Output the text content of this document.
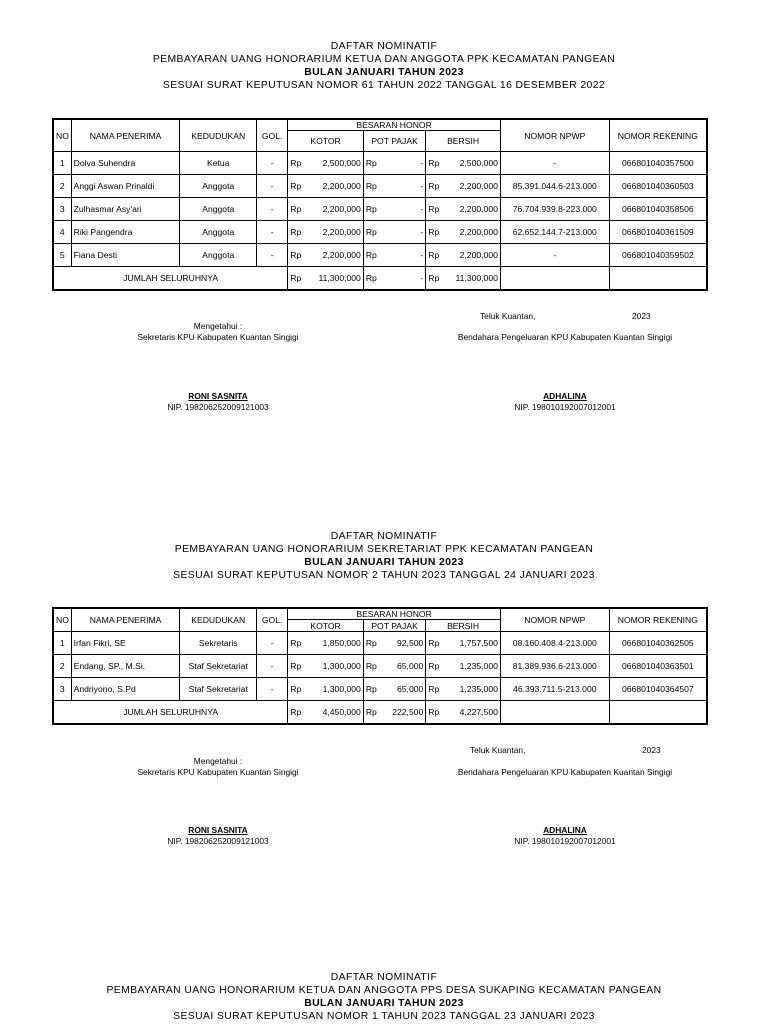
DAFTAR NOMINATIF
PEMBAYARAN UANG HONORARIUM KETUA DAN ANGGOTA PPK KECAMATAN PANGEAN
BULAN JANUARI TAHUN 2023
SESUAI SURAT KEPUTUSAN NOMOR 61 TAHUN 2022 TANGGAL 16 DESEMBER 2022
NO	NAMA PENERIMA	KEDUDUKAN	GOL.	BESARAN HONOR			NOMOR NPWP	NOMOR REKENING
				KOTOR	POT PAJAK	BERSIH		
1	Dolva Suhendra	Ketua	-	Rp 2,500,000	Rp -	Rp 2,500,000	-	066801040357500
2	Anggi Aswan Prinaldi	Anggota	-	Rp 2,200,000	Rp -	Rp 2,200,000	85.391.044.6-213.000	066801040360503
3	Zulhasmar Asy'ari	Anggota	-	Rp 2,200,000	Rp -	Rp 2,200,000	76.704.939.8-223.000	066801040358506
4	Riki Pangendra	Anggota	-	Rp 2,200,000	Rp -	Rp 2,200,000	62.652.144.7-213.000	066801040361509
5	Fiana Desti	Anggota	-	Rp 2,200,000	Rp -	Rp 2,200,000	-	066801040359502
JUMLAH SELURUHNYA				Rp 11,300,000	Rp -	Rp 11,300,000		

Teluk Kuantan,	2023
Mengetahui :
Sekretaris KPU Kabupaten Kuantan Singigi	Bendahara Pengeluaran KPU Kabupaten Kuantan Singigi
RONI SASNITA
NIP. 198206252009121003
ADHALINA
NIP. 198010192007012001
DAFTAR NOMINATIF
PEMBAYARAN UANG HONORARIUM SEKRETARIAT PPK KECAMATAN PANGEAN
BULAN JANUARI TAHUN 2023
SESUAI SURAT KEPUTUSAN NOMOR 2 TAHUN 2023 TANGGAL 24 JANUARI 2023
NO	NAMA PENERIMA	KEDUDUKAN	GOL.	BESARAN HONOR			NOMOR NPWP	NOMOR REKENING
				KOTOR	POT PAJAK	BERSIH		
1	Irfan Fikri, SE	Sekretaris	-	Rp 1,850,000	Rp 92,500	Rp 1,757,500	08.160.408.4-213.000	066801040362505
2	Endang, SP., M.Si.	Staf Sekretariat	-	Rp 1,300,000	Rp 65,000	Rp 1,235,000	81.389.936.6-213.000	066801040363501
3	Andriyono, S.Pd	Staf Sekretariat	-	Rp 1,300,000	Rp 65,000	Rp 1,235,000	46.393.711.5-213.000	066801040364507
JUMLAH SELURUHNYA				Rp 4,450,000	Rp 222,500	Rp 4,227,500		

Teluk Kuantan,	2023
Mengetahui :
Sekretaris KPU Kabupaten Kuantan Singigi	Bendahara Pengeluaran KPU Kabupaten Kuantan Singigi
RONI SASNITA
NIP. 198206252009121003
ADHALINA
NIP. 198010192007012001
DAFTAR NOMINATIF
PEMBAYARAN UANG HONORARIUM KETUA DAN ANGGOTA PPS DESA SUKAPING KECAMATAN PANGEAN
BULAN JANUARI TAHUN 2023
SESUAI SURAT KEPUTUSAN NOMOR 1 TAHUN 2023 TANGGAL 23 JANUARI 2023
